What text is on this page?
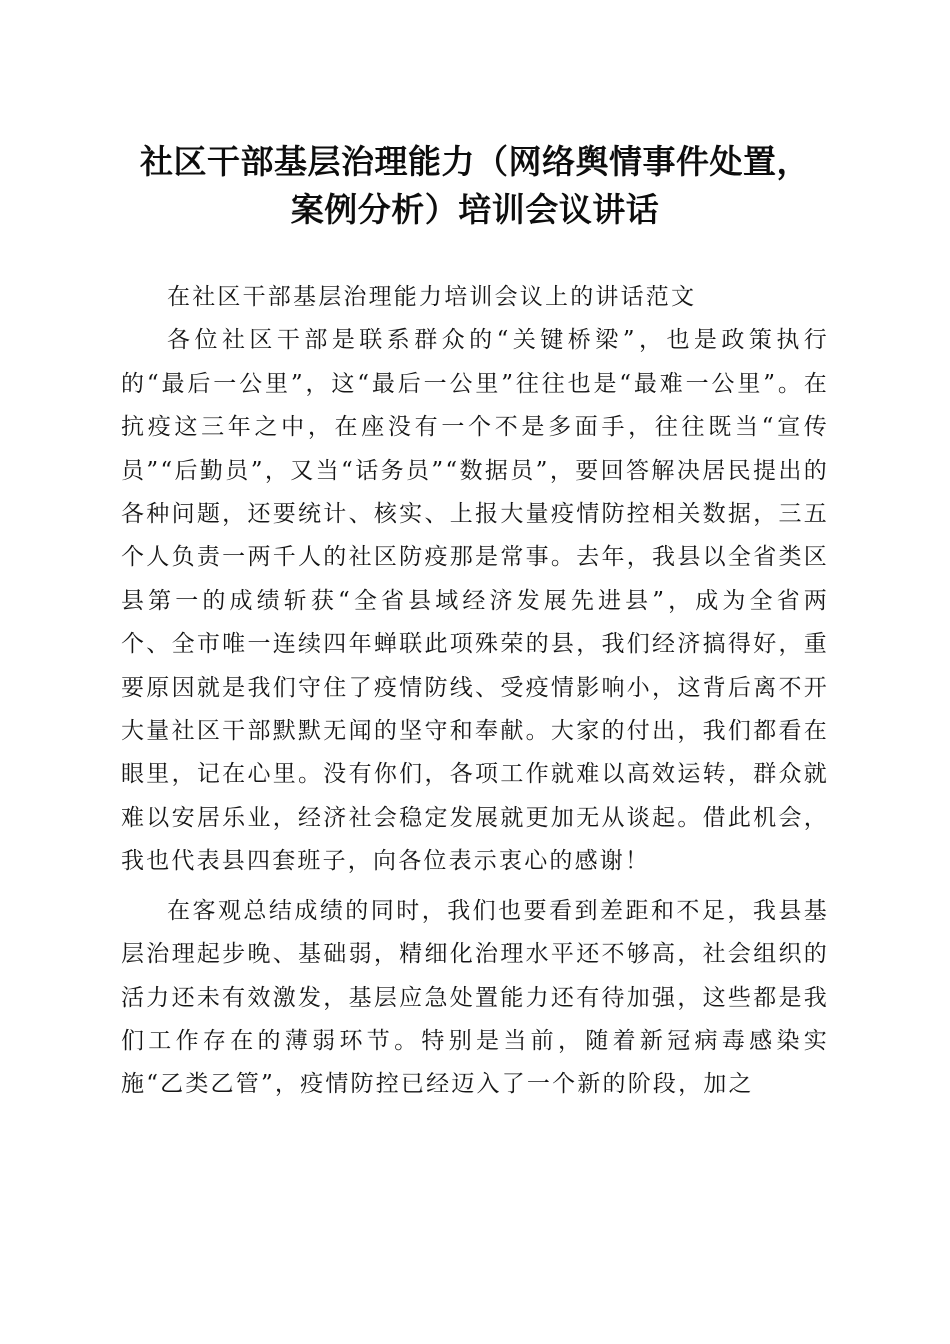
社区干部基层治理能力（网络舆情事件处置，
案例分析）培训会议讲话

在社区干部基层治理能力培训会议上的讲话范文

各位社区干部是联系群众的“关键桥梁”，也是政策执行的“最后一公里”，这“最后一公里”往往也是“最难一公里”。在抗疫这三年之中，在座没有一个不是多面手，往往既当“宣传员”“后勤员”，又当“话务员”“数据员”，要回答解决居民提出的各种问题，还要统计、核实、上报大量疫情防控相关数据，三五个人负责一两千人的社区防疫那是常事。去年，我县以全省类区县第一的成绩斩获“全省县域经济发展先进县”，成为全省两个、全市唯一连续四年蝉联此项殊荣的县，我们经济搞得好，重要原因就是我们守住了疫情防线、受疫情影响小，这背后离不开大量社区干部默默无闻的坚守和奉献。大家的付出，我们都看在眼里，记在心里。没有你们，各项工作就难以高效运转，群众就难以安居乐业，经济社会稳定发展就更加无从谈起。借此机会，我也代表县四套班子，向各位表示衷心的感谢！

在客观总结成绩的同时，我们也要看到差距和不足，我县基层治理起步晚、基础弱，精细化治理水平还不够高，社会组织的活力还未有效激发，基层应急处置能力还有待加强，这些都是我们工作存在的薄弱环节。特别是当前，随着新冠病毒感染实施“乙类乙管”，疫情防控已经迈入了一个新的阶段，加之
